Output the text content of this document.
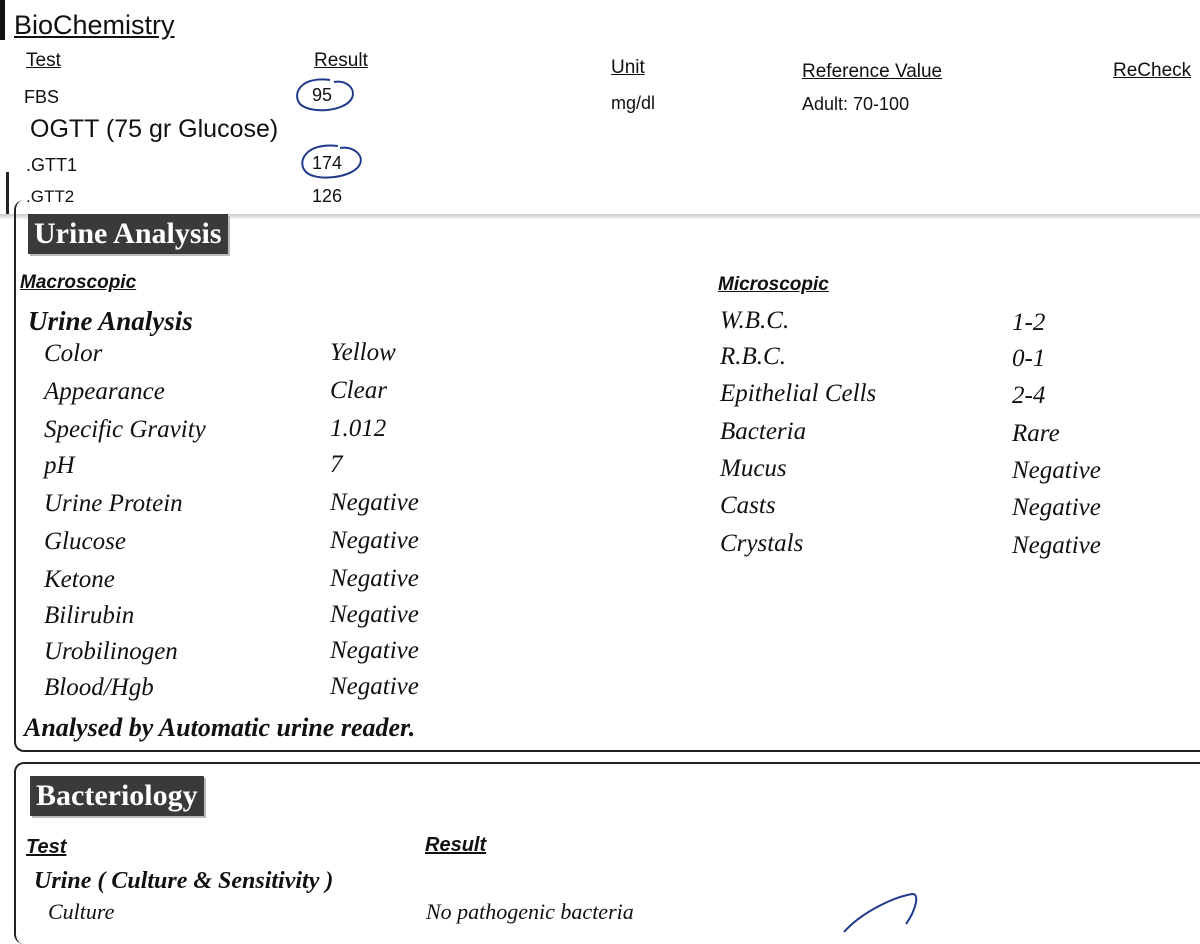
BioChemistry
Test	Result	Unit	Reference Value	ReCheck
FBS	95	mg/dl	Adult: 70-100
OGTT (75 gr Glucose)
.GTT1	174
.GTT2	126
Urine Analysis
Macroscopic	Microscopic
Urine Analysis
Color	Yellow
Appearance	Clear
Specific Gravity	1.012
pH	7
Urine Protein	Negative
Glucose	Negative
Ketone	Negative
Bilirubin	Negative
Urobilinogen	Negative
Blood/Hgb	Negative
W.B.C.	1-2
R.B.C.	0-1
Epithelial Cells	2-4
Bacteria	Rare
Mucus	Negative
Casts	Negative
Crystals	Negative
Analysed by Automatic urine reader.
Bacteriology
Test	Result
Urine ( Culture & Sensitivity )
Culture	No pathogenic bacteria
